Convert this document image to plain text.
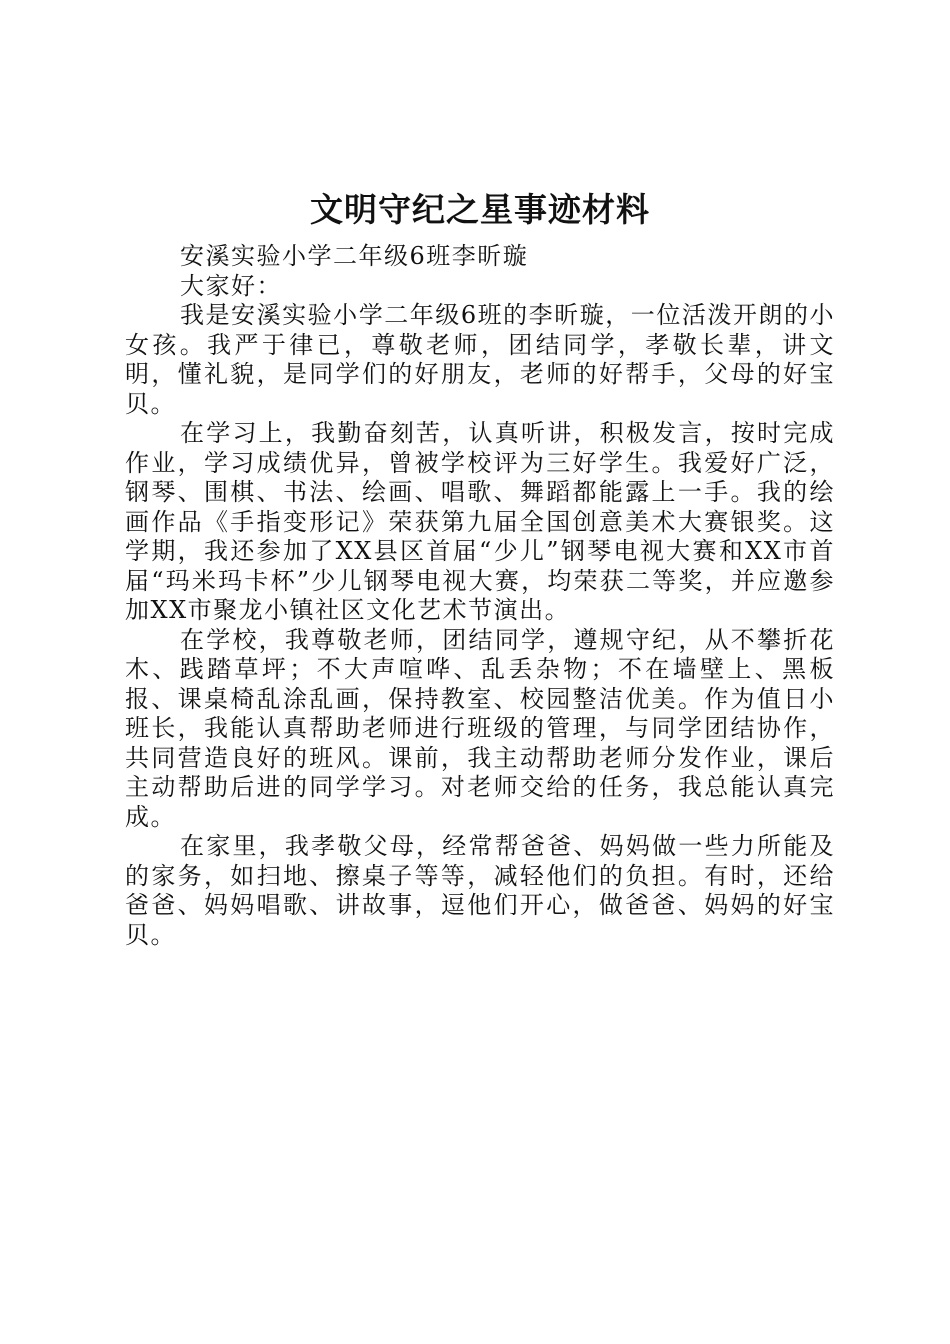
文明守纪之星事迹材料

安溪实验小学二年级6班李昕璇

大家好：

我是安溪实验小学二年级6班的李昕璇，一位活泼开朗的小女孩。我严于律已，尊敬老师，团结同学，孝敬长辈，讲文明，懂礼貌，是同学们的好朋友，老师的好帮手，父母的好宝贝。

在学习上，我勤奋刻苦，认真听讲，积极发言，按时完成作业，学习成绩优异，曾被学校评为三好学生。我爱好广泛，钢琴、围棋、书法、绘画、唱歌、舞蹈都能露上一手。我的绘画作品《手指变形记》荣获第九届全国创意美术大赛银奖。这学期，我还参加了XX县区首届“少儿”钢琴电视大赛和XX市首届“玛米玛卡杯”少儿钢琴电视大赛，均荣获二等奖，并应邀参加XX市聚龙小镇社区文化艺术节演出。

在学校，我尊敬老师，团结同学，遵规守纪，从不攀折花木、践踏草坪；不大声喧哗、乱丢杂物；不在墙壁上、黑板报、课桌椅乱涂乱画，保持教室、校园整洁优美。作为值日小班长，我能认真帮助老师进行班级的管理，与同学团结协作，共同营造良好的班风。课前，我主动帮助老师分发作业，课后主动帮助后进的同学学习。对老师交给的任务，我总能认真完成。

在家里，我孝敬父母，经常帮爸爸、妈妈做一些力所能及的家务，如扫地、擦桌子等等，减轻他们的负担。有时，还给爸爸、妈妈唱歌、讲故事，逗他们开心，做爸爸、妈妈的好宝贝。
